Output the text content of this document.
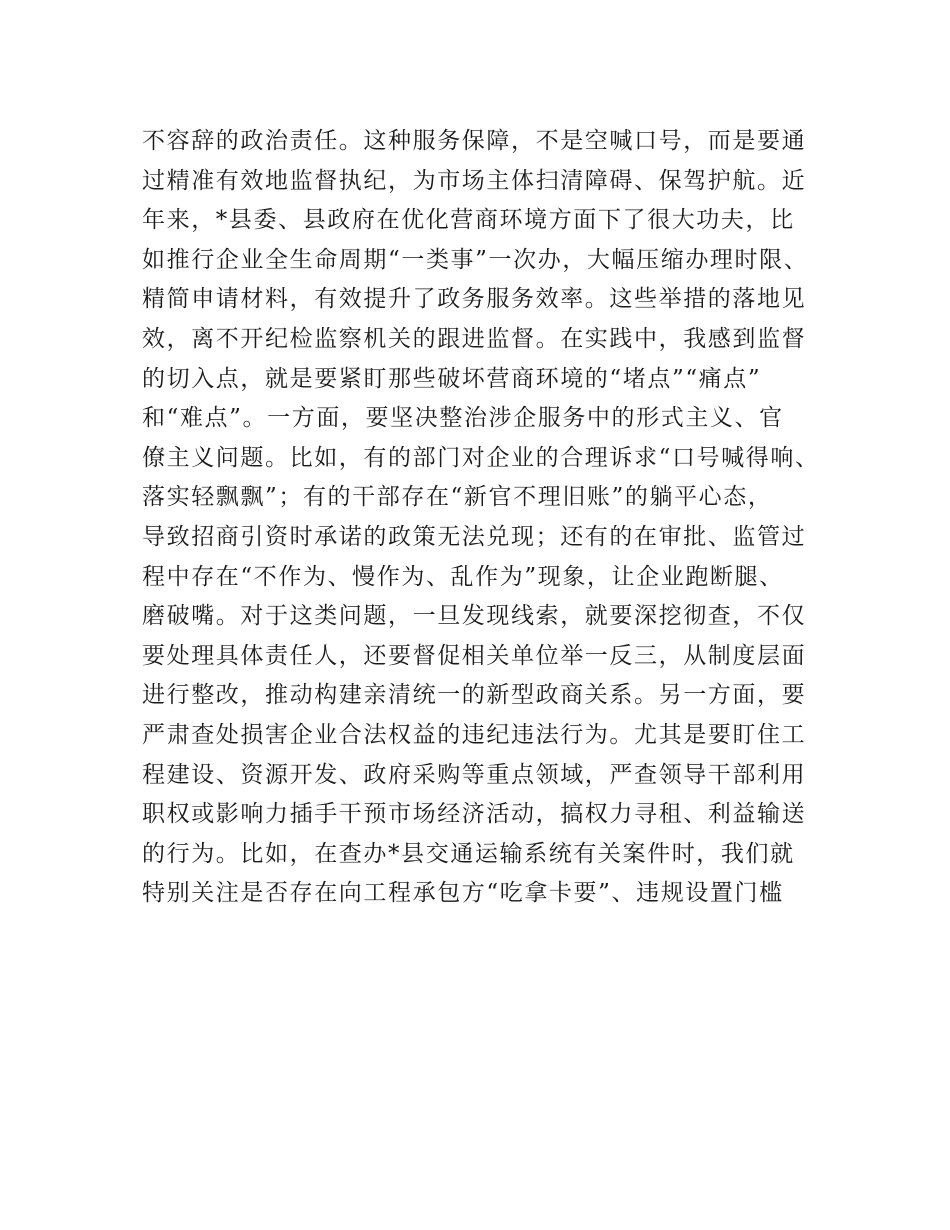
不容辞的政治责任。这种服务保障，不是空喊口号，而是要通
过精准有效地监督执纪，为市场主体扫清障碍、保驾护航。近
年来，*县委、县政府在优化营商环境方面下了很大功夫，比
如推行企业全生命周期“一类事”一次办，大幅压缩办理时限、
精简申请材料，有效提升了政务服务效率。这些举措的落地见
效，离不开纪检监察机关的跟进监督。在实践中，我感到监督
的切入点，就是要紧盯那些破坏营商环境的“堵点”“痛点”
和“难点”。一方面，要坚决整治涉企服务中的形式主义、官
僚主义问题。比如，有的部门对企业的合理诉求“口号喊得响、
落实轻飘飘”；有的干部存在“新官不理旧账”的躺平心态，
导致招商引资时承诺的政策无法兑现；还有的在审批、监管过
程中存在“不作为、慢作为、乱作为”现象，让企业跑断腿、
磨破嘴。对于这类问题，一旦发现线索，就要深挖彻查，不仅
要处理具体责任人，还要督促相关单位举一反三，从制度层面
进行整改，推动构建亲清统一的新型政商关系。另一方面，要
严肃查处损害企业合法权益的违纪违法行为。尤其是要盯住工
程建设、资源开发、政府采购等重点领域，严查领导干部利用
职权或影响力插手干预市场经济活动，搞权力寻租、利益输送
的行为。比如，在查办*县交通运输系统有关案件时，我们就
特别关注是否存在向工程承包方“吃拿卡要”、违规设置门槛
